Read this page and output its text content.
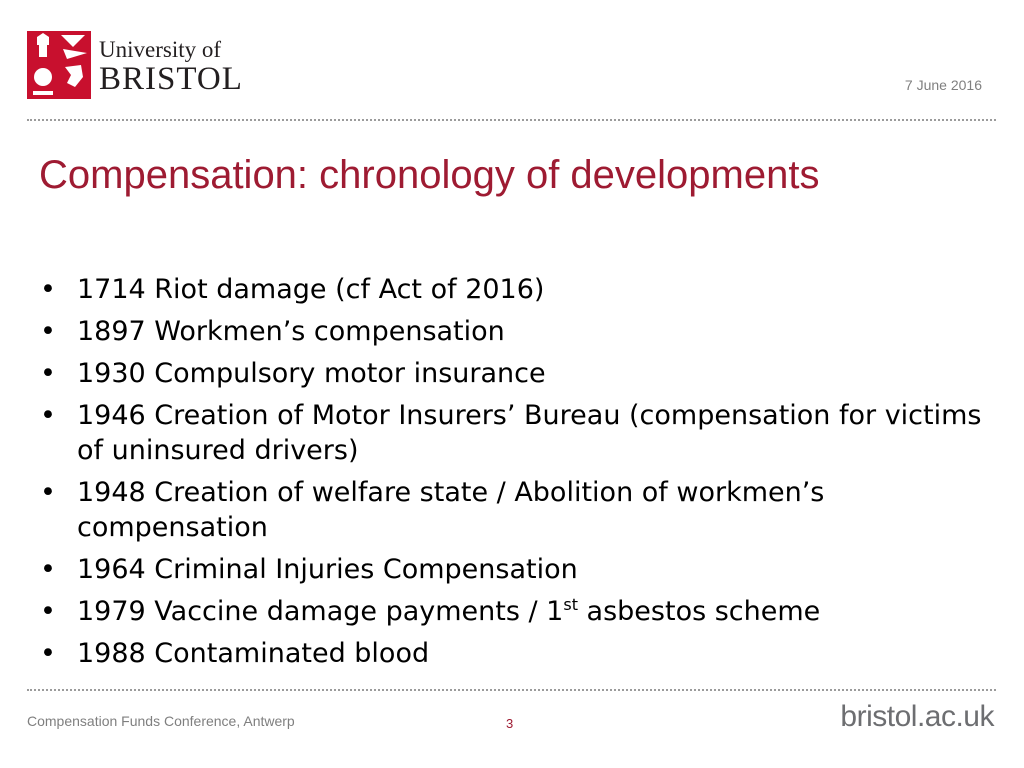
University of
BRISTOL	7 June 2016
Compensation: chronology of developments
• 1714 Riot damage (cf Act of 2016)
• 1897 Workmen’s compensation
• 1930 Compulsory motor insurance
• 1946 Creation of Motor Insurers’ Bureau (compensation for victims of uninsured drivers)
• 1948 Creation of welfare state / Abolition of workmen’s compensation
• 1964 Criminal Injuries Compensation
• 1979 Vaccine damage payments / 1st asbestos scheme
• 1988 Contaminated blood
Compensation Funds Conference, Antwerp	3	bristol.ac.uk
